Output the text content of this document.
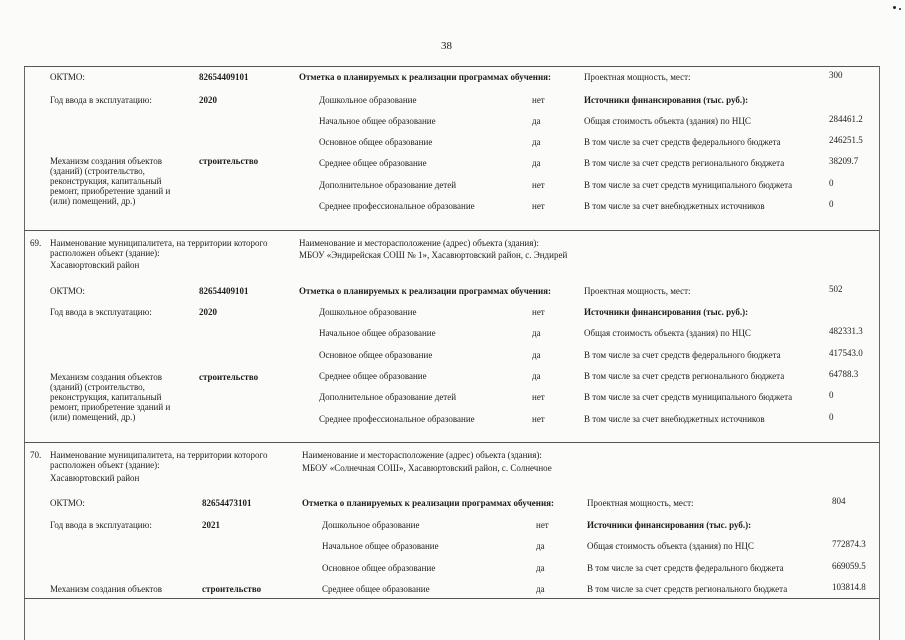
38
ОКТМО:	82654409101
Год ввода в эксплуатацию:	2020
Механизм создания объектов (зданий) (строительство, реконструкция, капитальный ремонт, приобретение зданий и (или) помещений, др.)
строительство
Отметка о планируемых к реализации программах обучения:
Дошкольное образование	нет
Начальное общее образование	да
Основное общее образование	да
Среднее общее образование	да
Дополнительное образование детей	нет
Среднее профессиональное образование	нет
Проектная мощность, мест:	300
Источники финансирования (тыс. руб.):
Общая стоимость объекта (здания) по НЦС	284461.2
В том числе за счет средств федерального бюджета	246251.5
В том числе за счет средств регионального бюджета	38209.7
В том числе за счет средств муниципального бюджета	0
В том числе за счет внебюджетных источников	0
69. Наименование муниципалитета, на территории которого расположен объект (здание):
Хасавюртовский район
Наименование и месторасположение (адрес) объекта (здания):
МБОУ «Эндирейская СОШ № 1», Хасавюртовский район, с. Эндирей
ОКТМО:	82654409101
Год ввода в эксплуатацию:	2020
Механизм создания объектов (зданий) (строительство, реконструкция, капитальный ремонт, приобретение зданий и (или) помещений, др.)
строительство
Отметка о планируемых к реализации программах обучения:
Дошкольное образование	нет
Начальное общее образование	да
Основное общее образование	да
Среднее общее образование	да
Дополнительное образование детей	нет
Среднее профессиональное образование	нет
Проектная мощность, мест:	502
Источники финансирования (тыс. руб.):
Общая стоимость объекта (здания) по НЦС	482331.3
В том числе за счет средств федерального бюджета	417543.0
В том числе за счет средств регионального бюджета	64788.3
В том числе за счет средств муниципального бюджета	0
В том числе за счет внебюджетных источников	0
70. Наименование муниципалитета, на территории которого расположен объект (здание):
Хасавюртовский район
Наименование и месторасположение (адрес) объекта (здания):
МБОУ «Солнечная СОШ», Хасавюртовский район, с. Солнечное
ОКТМО:	82654473101
Год ввода в эксплуатацию:	2021
Механизм создания объектов	строительство
Отметка о планируемых к реализации программах обучения:
Дошкольное образование	нет
Начальное общее образование	да
Основное общее образование	да
Среднее общее образование	да
Проектная мощность, мест:	804
Источники финансирования (тыс. руб.):
Общая стоимость объекта (здания) по НЦС	772874.3
В том числе за счет средств федерального бюджета	669059.5
В том числе за счет средств регионального бюджета	103814.8
